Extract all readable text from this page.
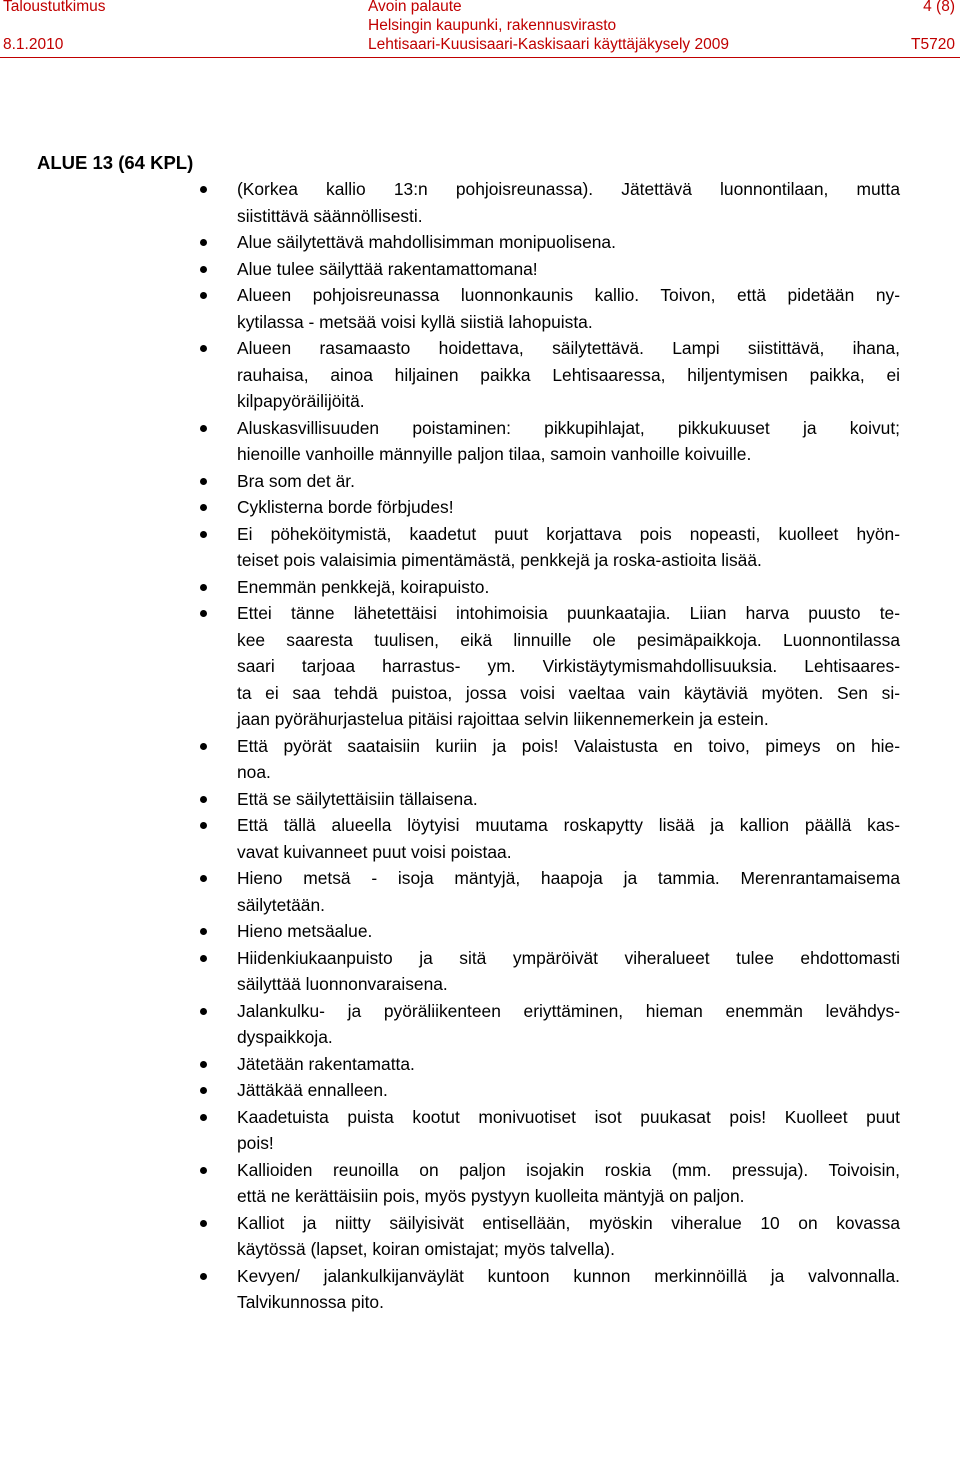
Taloustutkimus
8.1.2010
Avoin palaute
Helsingin kaupunki, rakennusvirasto
Lehtisaari-Kuusisaari-Kaskisaari käyttäjäkysely 2009
4 (8)
T5720
ALUE 13 (64 KPL)
(Korkea kallio 13:n pohjoisreunassa). Jätettävä luonnontilaan, mutta
siistittävä säännöllisesti.
Alue säilytettävä mahdollisimman monipuolisena.
Alue tulee säilyttää rakentamattomana!
Alueen pohjoisreunassa luonnonkaunis kallio. Toivon, että pidetään ny-
kytilassa - metsää voisi kyllä siistiä lahopuista.
Alueen rasamaasto hoidettava, säilytettävä. Lampi siistittävä, ihana,
rauhaisa, ainoa hiljainen paikka Lehtisaaressa, hiljentymisen paikka, ei
kilpapyöräilijöitä.
Aluskasvillisuuden poistaminen: pikkupihlajat, pikkukuuset ja koivut;
hienoille vanhoille männyille paljon tilaa, samoin vanhoille koivuille.
Bra som det är.
Cyklisterna borde förbjudes!
Ei pöheköitymistä, kaadetut puut korjattava pois nopeasti, kuolleet hyön-
teiset pois valaisimia pimentämästä, penkkejä ja roska-astioita lisää.
Enemmän penkkejä, koirapuisto.
Ettei tänne lähetettäisi intohimoisia puunkaatajia. Liian harva puusto te-
kee saaresta tuulisen, eikä linnuille ole pesimäpaikkoja. Luonnontilassa
saari tarjoaa harrastus- ym. Virkistäytymismahdollisuuksia. Lehtisaares-
ta ei saa tehdä puistoa, jossa voisi vaeltaa vain käytäviä myöten. Sen si-
jaan pyörähurjastelua pitäisi rajoittaa selvin liikennemerkein ja estein.
Että pyörät saataisiin kuriin ja pois! Valaistusta en toivo, pimeys on hie-
noa.
Että se säilytettäisiin tällaisena.
Että tällä alueella löytyisi muutama roskapytty lisää ja kallion päällä kas-
vavat kuivanneet puut voisi poistaa.
Hieno metsä - isoja mäntyjä, haapoja ja tammia. Merenrantamaisema
säilytetään.
Hieno metsäalue.
Hiidenkiukaanpuisto ja sitä ympäröivät viheralueet tulee ehdottomasti
säilyttää luonnonvaraisena.
Jalankulku- ja pyöräliikenteen eriyttäminen, hieman enemmän levähdys-
dyspaikkoja.
Jätetään rakentamatta.
Jättäkää ennalleen.
Kaadetuista puista kootut monivuotiset isot puukasat pois! Kuolleet puut
pois!
Kallioiden reunoilla on paljon isojakin roskia (mm. pressuja). Toivoisin,
että ne kerättäisiin pois, myös pystyyn kuolleita mäntyjä on paljon.
Kalliot ja niitty säilyisivät entisellään, myöskin viheralue 10 on kovassa
käytössä (lapset, koiran omistajat; myös talvella).
Kevyen/ jalankulkijanväylät kuntoon kunnon merkinnöillä ja valvonnalla.
Talvikunnossa pito.
